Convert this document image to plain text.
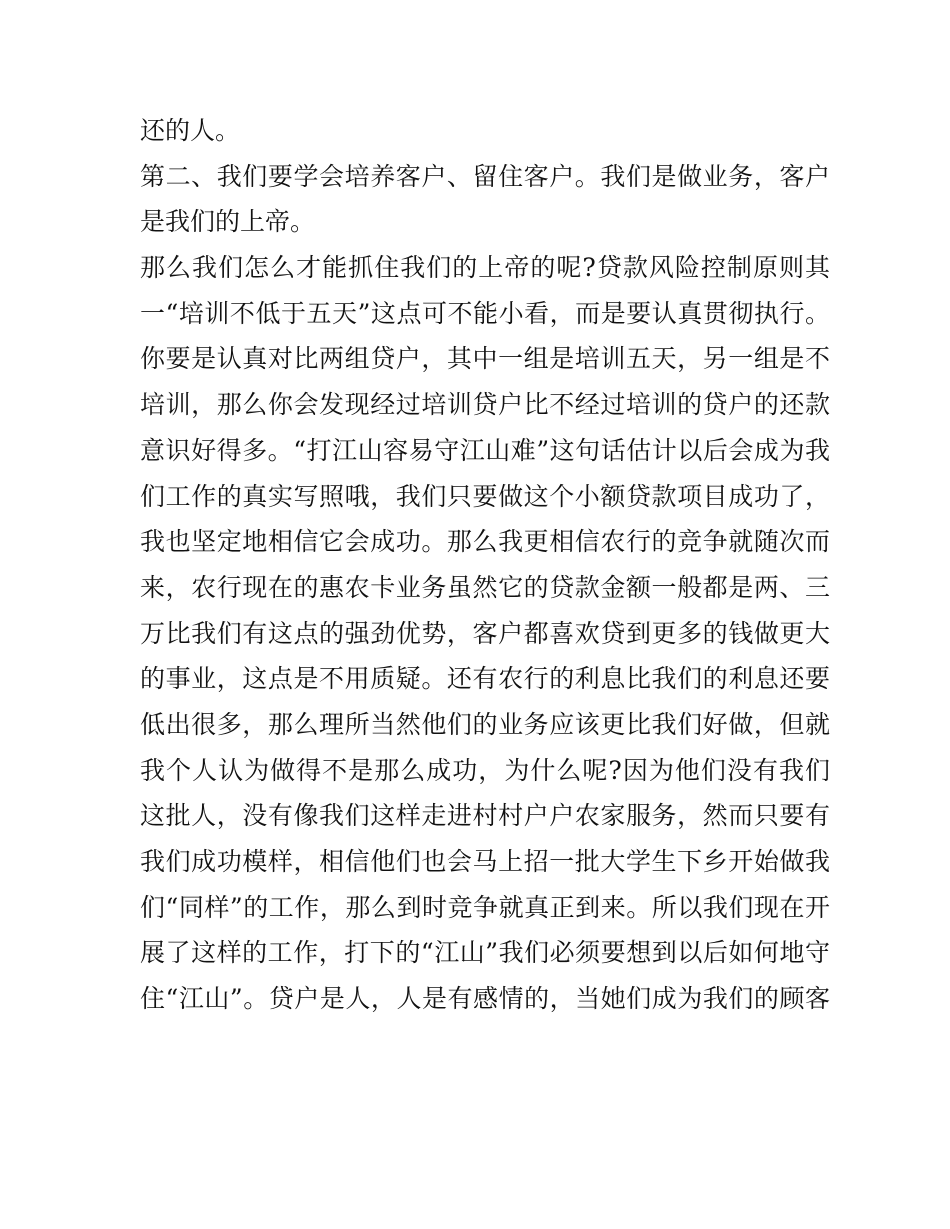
还的人。
第二、我们要学会培养客户、留住客户。我们是做业务，客户
是我们的上帝。
那么我们怎么才能抓住我们的上帝的呢?贷款风险控制原则其
一“培训不低于五天”这点可不能小看，而是要认真贯彻执行。
你要是认真对比两组贷户，其中一组是培训五天，另一组是不
培训，那么你会发现经过培训贷户比不经过培训的贷户的还款
意识好得多。“打江山容易守江山难”这句话估计以后会成为我
们工作的真实写照哦，我们只要做这个小额贷款项目成功了，
我也坚定地相信它会成功。那么我更相信农行的竞争就随次而
来，农行现在的惠农卡业务虽然它的贷款金额一般都是两、三
万比我们有这点的强劲优势，客户都喜欢贷到更多的钱做更大
的事业，这点是不用质疑。还有农行的利息比我们的利息还要
低出很多，那么理所当然他们的业务应该更比我们好做，但就
我个人认为做得不是那么成功，为什么呢?因为他们没有我们
这批人，没有像我们这样走进村村户户农家服务，然而只要有
我们成功模样，相信他们也会马上招一批大学生下乡开始做我
们“同样”的工作，那么到时竞争就真正到来。所以我们现在开
展了这样的工作，打下的“江山”我们必须要想到以后如何地守
住“江山”。贷户是人，人是有感情的，当她们成为我们的顾客
